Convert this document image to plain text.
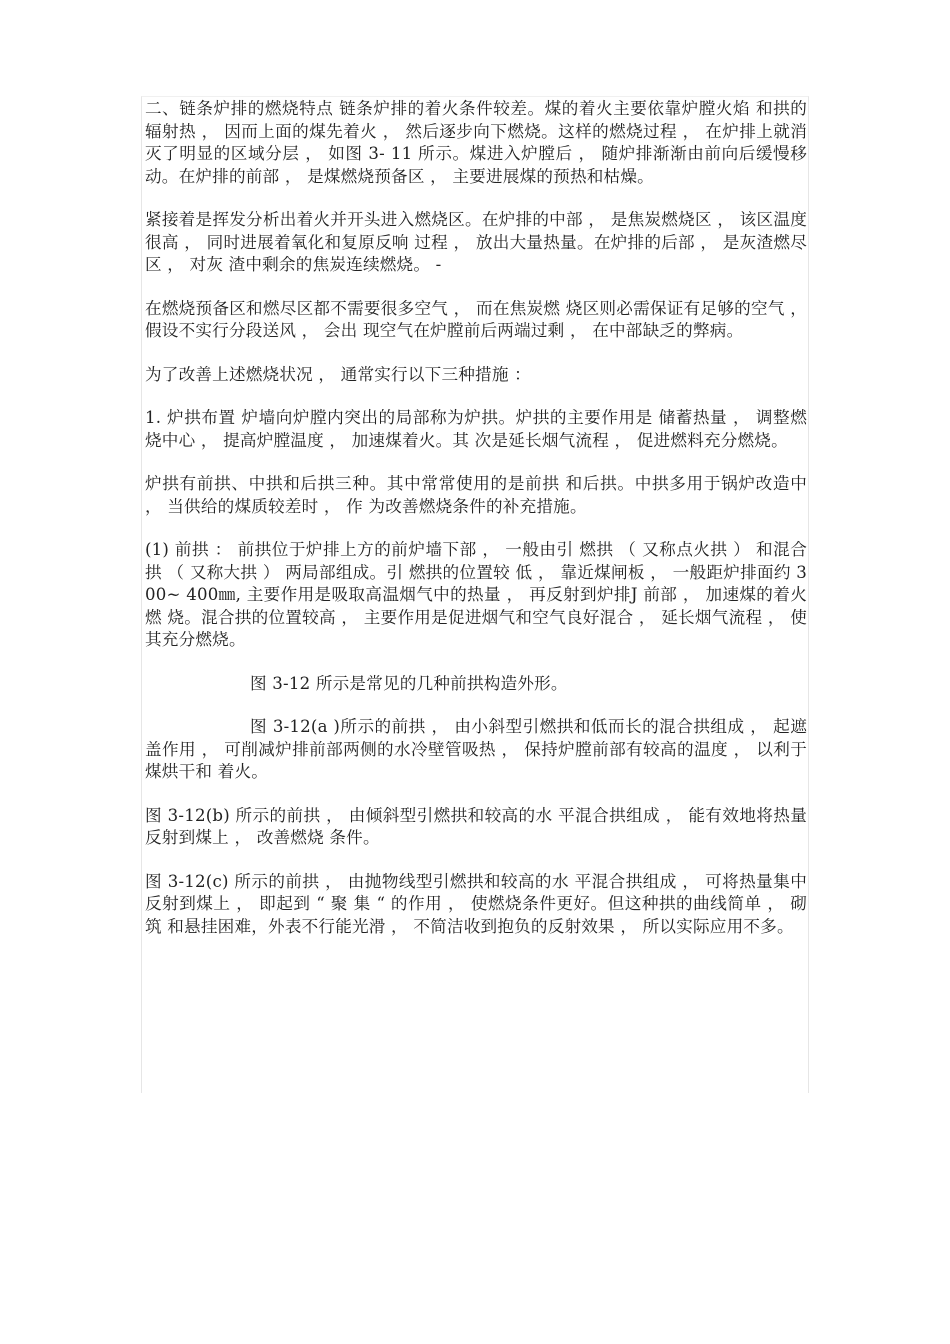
二、链条炉排的燃烧特点 链条炉排的着火条件较差。煤的着火主要依靠炉膛火焰 和拱的辐射热 ， 因而上面的煤先着火 ， 然后逐步向下燃烧。这样的燃烧过程 ， 在炉排上就消灭了明显的区域分层 ， 如图 3- 11 所示。煤进入炉膛后 ， 随炉排渐渐由前向后缓慢移动。在炉排的前部 ， 是煤燃烧预备区 ， 主要进展煤的预热和枯燥。

紧接着是挥发分析出着火并开头进入燃烧区。在炉排的中部 ， 是焦炭燃烧区 ， 该区温度很高 ， 同时进展着氧化和复原反响 过程 ， 放出大量热量。在炉排的后部 ， 是灰渣燃尽区 ， 对灰 渣中剩余的焦炭连续燃烧。 -

在燃烧预备区和燃尽区都不需要很多空气 ， 而在焦炭燃 烧区则必需保证有足够的空气 ， 假设不实行分段送风 ， 会出 现空气在炉膛前后两端过剩 ， 在中部缺乏的弊病。

为了改善上述燃烧状况 ， 通常实行以下三种措施 ：

1. 炉拱布置 炉墙向炉膛内突出的局部称为炉拱。炉拱的主要作用是 储蓄热量 ， 调整燃烧中心 ， 提高炉膛温度 ， 加速煤着火。其 次是延长烟气流程 ， 促进燃料充分燃烧。

炉拱有前拱、中拱和后拱三种。其中常常使用的是前拱 和后拱。中拱多用于锅炉改造中 ， 当供给的煤质较差时 ， 作 为改善燃烧条件的补充措施。

(1) 前拱 ： 前拱位于炉排上方的前炉墙下部 ， 一般由引 燃拱 （ 又称点火拱 ） 和混合拱 （ 又称大拱 ） 两局部组成。引 燃拱的位置较 低 ， 靠近煤闸板 ， 一般距炉排面约 300~ 400㎜, 主要作用是吸取高温烟气中的热量 ， 再反射到炉排J 前部 ， 加速煤的着火燃 烧。混合拱的位置较高 ， 主要作用是促进烟气和空气良好混合 ， 延长烟气流程 ， 使其充分燃烧。

图 3-12 所示是常见的几种前拱构造外形。

图 3-12(a )所示的前拱 ， 由小斜型引燃拱和低而长的混合拱组成 ， 起遮盖作用 ， 可削减炉排前部两侧的水冷壁管吸热 ， 保持炉膛前部有较高的温度 ， 以利于煤烘干和 着火。

图 3-12(b) 所示的前拱 ， 由倾斜型引燃拱和较高的水 平混合拱组成 ， 能有效地将热量反射到煤上 ， 改善燃烧 条件。

图 3-12(c) 所示的前拱 ， 由抛物线型引燃拱和较高的水 平混合拱组成 ， 可将热量集中反射到煤上 ， 即起到 “ 聚 集 “ 的作用 ， 使燃烧条件更好。但这种拱的曲线简单 ， 砌筑 和悬挂困难，外表不行能光滑 ， 不简洁收到抱负的反射效果 ， 所以实际应用不多。
